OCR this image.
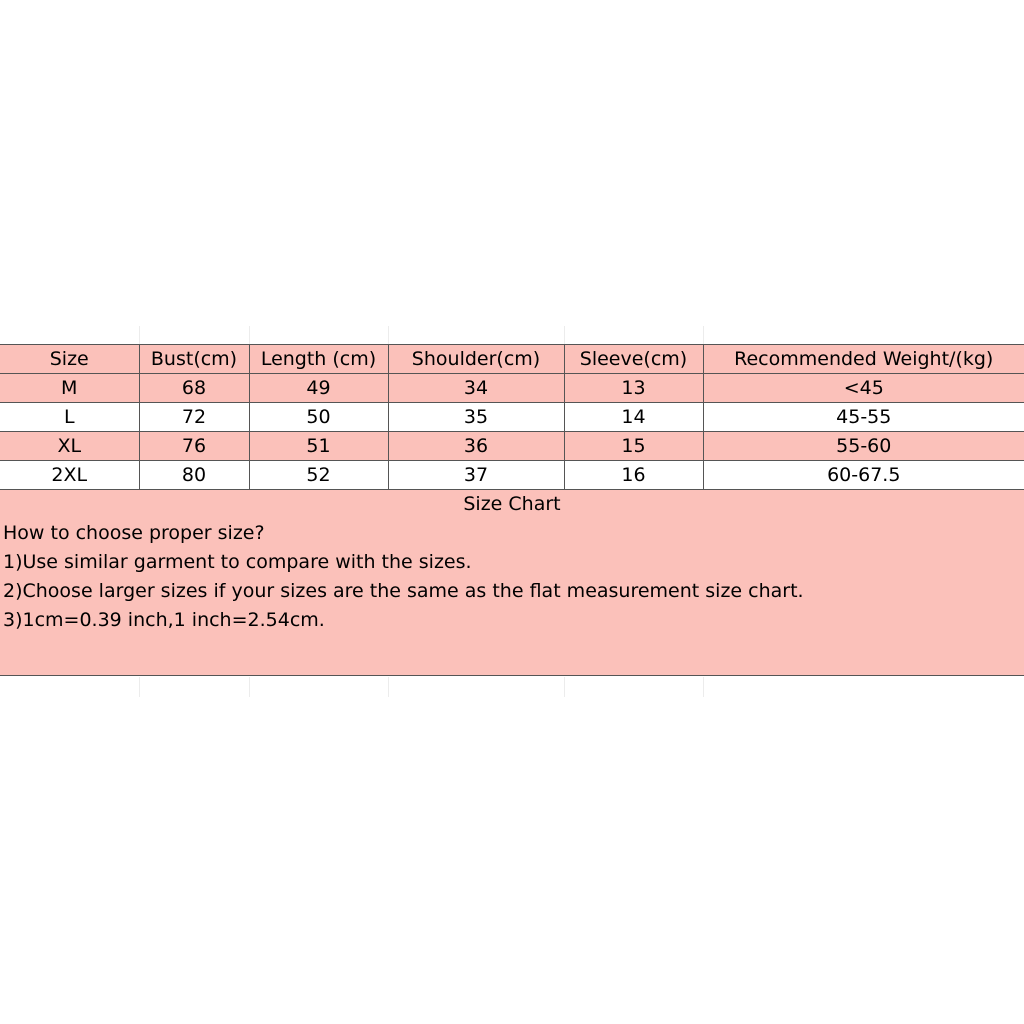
Size	Bust(cm)	Length (cm)	Shoulder(cm)	Sleeve(cm)	Recommended Weight/(kg)
M	68	49	34	13	<45
L	72	50	35	14	45-55
XL	76	51	36	15	55-60
2XL	80	52	37	16	60-67.5
Size Chart
How to choose proper size?
1)Use similar garment to compare with the sizes.
2)Choose larger sizes if your sizes are the same as the flat measurement size chart.
3)1cm=0.39 inch,1 inch=2.54cm.
